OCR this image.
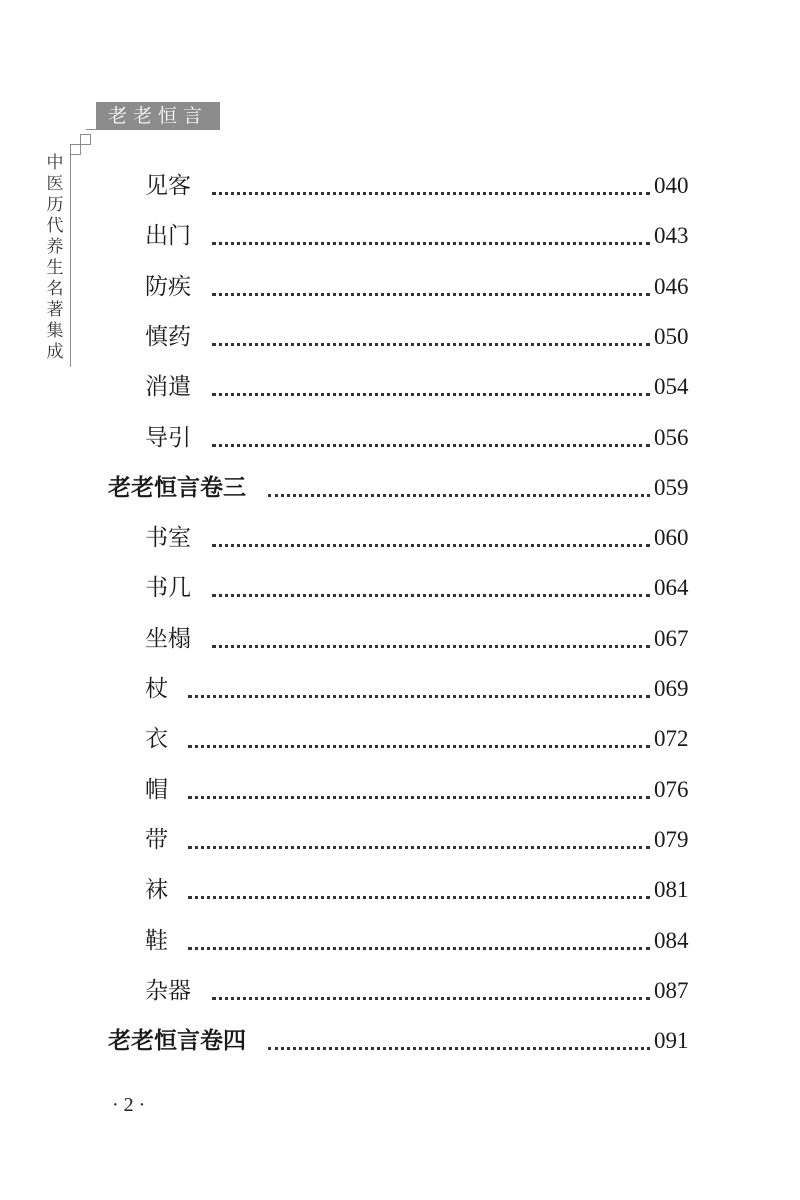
老老恒言
中医历代养生名著集成
见客	040
出门	043
防疾	046
慎药	050
消遣	054
导引	056
老老恒言卷三	059
书室	060
书几	064
坐榻	067
杖	069
衣	072
帽	076
带	079
袜	081
鞋	084
杂器	087
老老恒言卷四	091
· 2 ·
